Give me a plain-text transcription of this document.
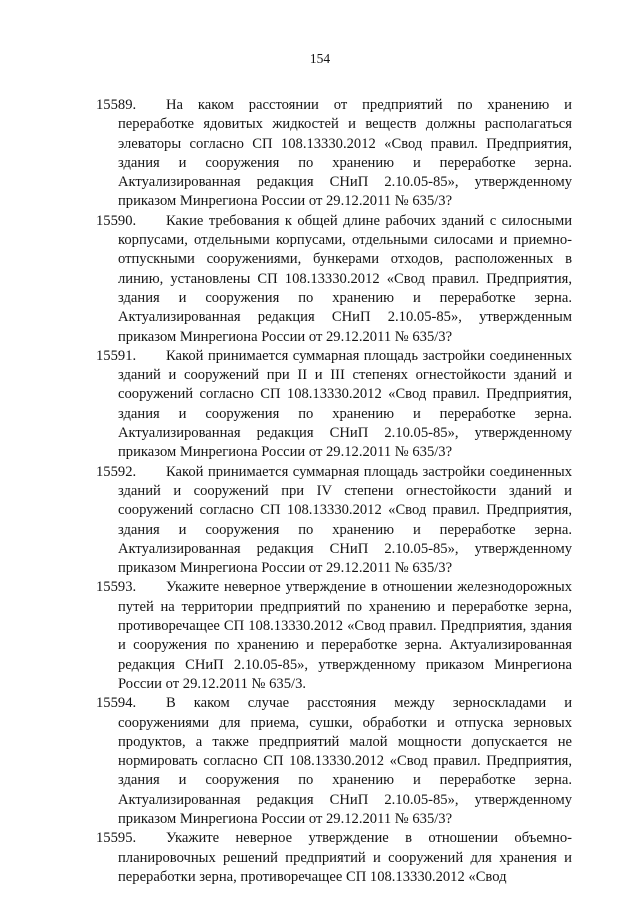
154

15589. На каком расстоянии от предприятий по хранению и переработке ядовитых жидкостей и веществ должны располагаться элеваторы согласно СП 108.13330.2012 «Свод правил. Предприятия, здания и сооружения по хранению и переработке зерна. Актуализированная редакция СНиП 2.10.05-85», утвержденному приказом Минрегиона России от 29.12.2011 № 635/3?

15590. Какие требования к общей длине рабочих зданий с силосными корпусами, отдельными корпусами, отдельными силосами и приемно-отпускными сооружениями, бункерами отходов, расположенных в линию, установлены СП 108.13330.2012 «Свод правил. Предприятия, здания и сооружения по хранению и переработке зерна. Актуализированная редакция СНиП 2.10.05-85», утвержденным приказом Минрегиона России от 29.12.2011 № 635/3?

15591. Какой принимается суммарная площадь застройки соединенных зданий и сооружений при II и III степенях огнестойкости зданий и сооружений согласно СП 108.13330.2012 «Свод правил. Предприятия, здания и сооружения по хранению и переработке зерна. Актуализированная редакция СНиП 2.10.05-85», утвержденному приказом Минрегиона России от 29.12.2011 № 635/3?

15592. Какой принимается суммарная площадь застройки соединенных зданий и сооружений при IV степени огнестойкости зданий и сооружений согласно СП 108.13330.2012 «Свод правил. Предприятия, здания и сооружения по хранению и переработке зерна. Актуализированная редакция СНиП 2.10.05-85», утвержденному приказом Минрегиона России от 29.12.2011 № 635/3?

15593. Укажите неверное утверждение в отношении железнодорожных путей на территории предприятий по хранению и переработке зерна, противоречащее СП 108.13330.2012 «Свод правил. Предприятия, здания и сооружения по хранению и переработке зерна. Актуализированная редакция СНиП 2.10.05-85», утвержденному приказом Минрегиона России от 29.12.2011 № 635/3.

15594. В каком случае расстояния между зерноскладами и сооружениями для приема, сушки, обработки и отпуска зерновых продуктов, а также предприятий малой мощности допускается не нормировать согласно СП 108.13330.2012 «Свод правил. Предприятия, здания и сооружения по хранению и переработке зерна. Актуализированная редакция СНиП 2.10.05-85», утвержденному приказом Минрегиона России от 29.12.2011 № 635/3?

15595. Укажите неверное утверждение в отношении объемно-планировочных решений предприятий и сооружений для хранения и переработки зерна, противоречащее СП 108.13330.2012 «Свод
